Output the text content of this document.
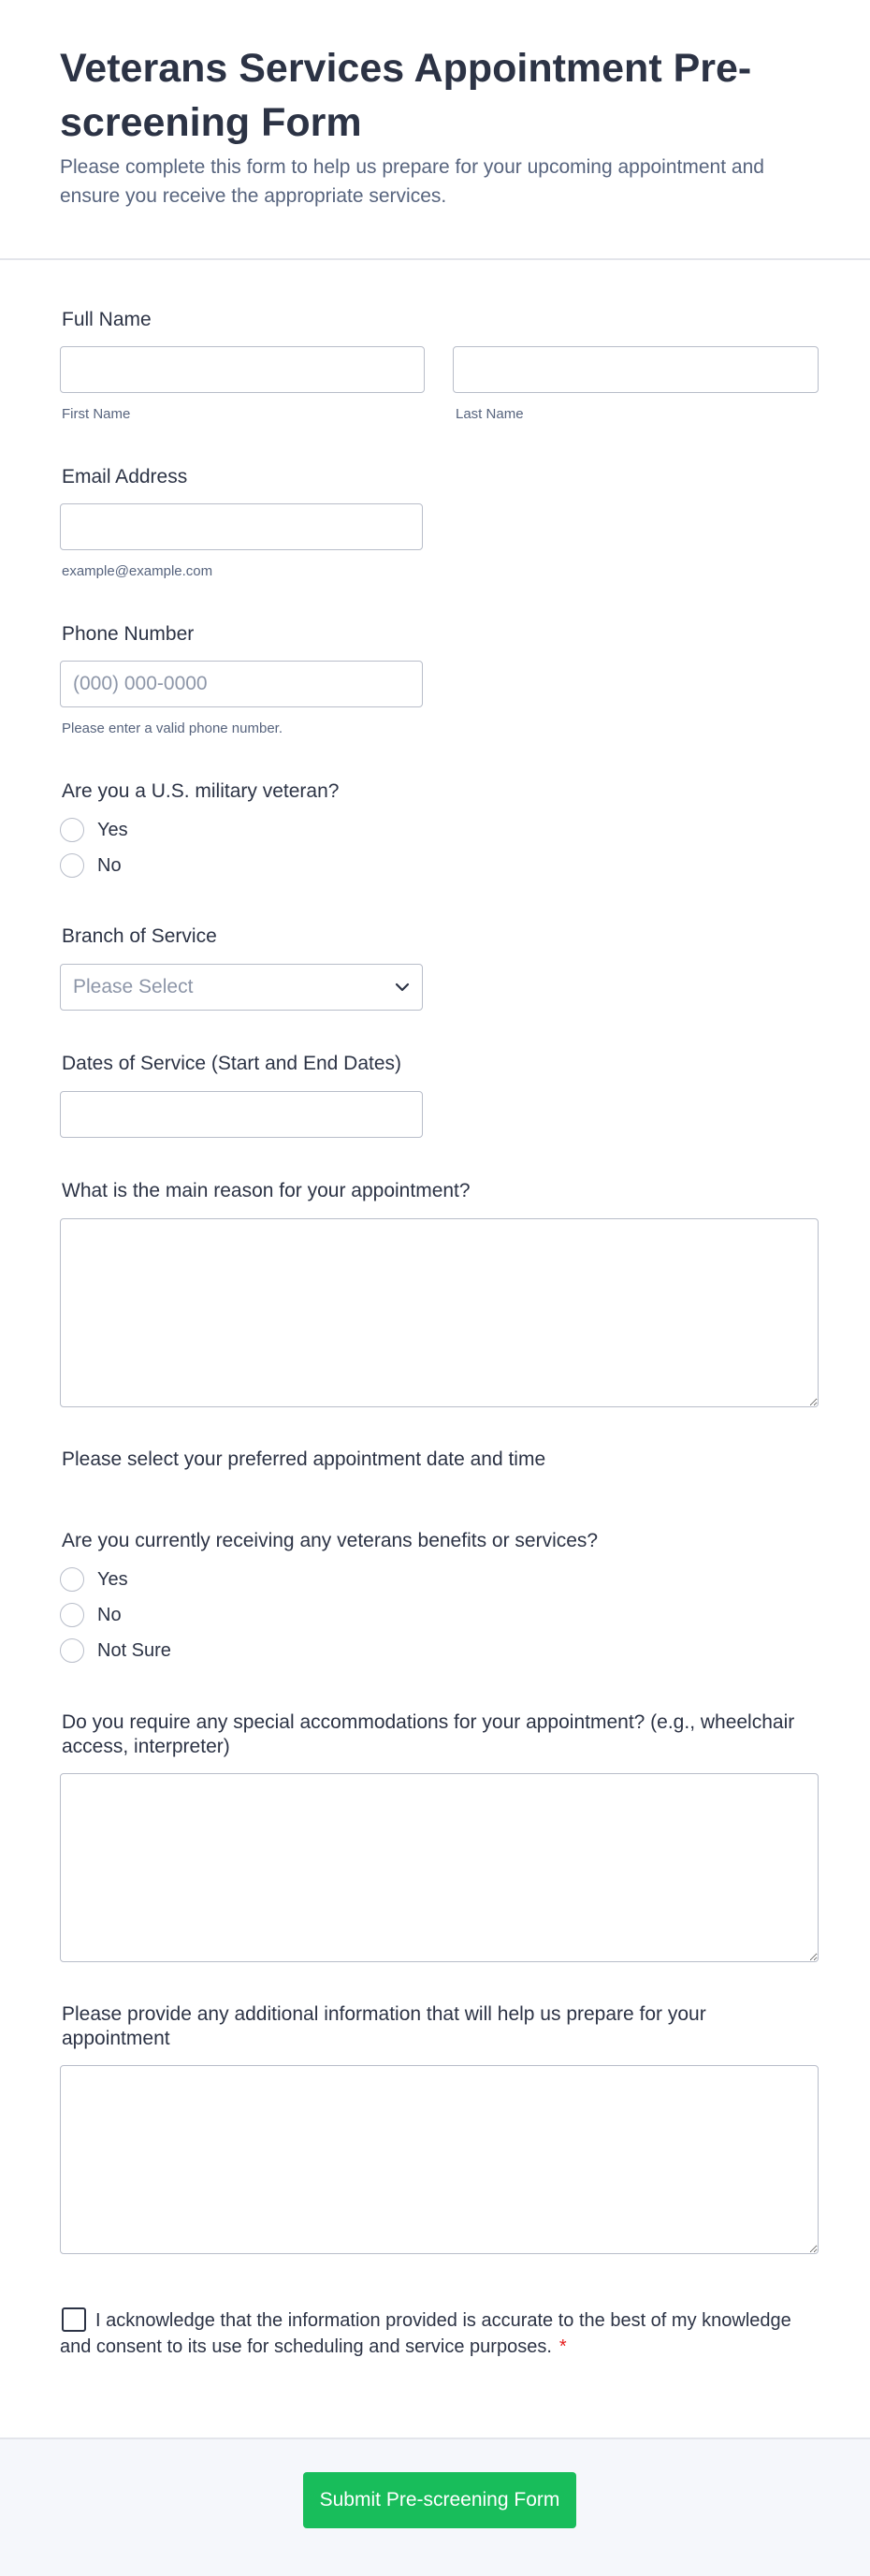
Veterans Services Appointment Pre-screening Form

Please complete this form to help us prepare for your upcoming appointment and ensure you receive the appropriate services.

Full Name
First Name	Last Name
Email Address
example@example.com
Phone Number
(000) 000-0000
Please enter a valid phone number.
Are you a U.S. military veteran?
Yes
No
Branch of Service
Please Select
Dates of Service (Start and End Dates)
What is the main reason for your appointment?
Please select your preferred appointment date and time
Are you currently receiving any veterans benefits or services?
Yes
No
Not Sure
Do you require any special accommodations for your appointment? (e.g., wheelchair access, interpreter)
Please provide any additional information that will help us prepare for your appointment
I acknowledge that the information provided is accurate to the best of my knowledge and consent to its use for scheduling and service purposes. *
Submit Pre-screening Form
